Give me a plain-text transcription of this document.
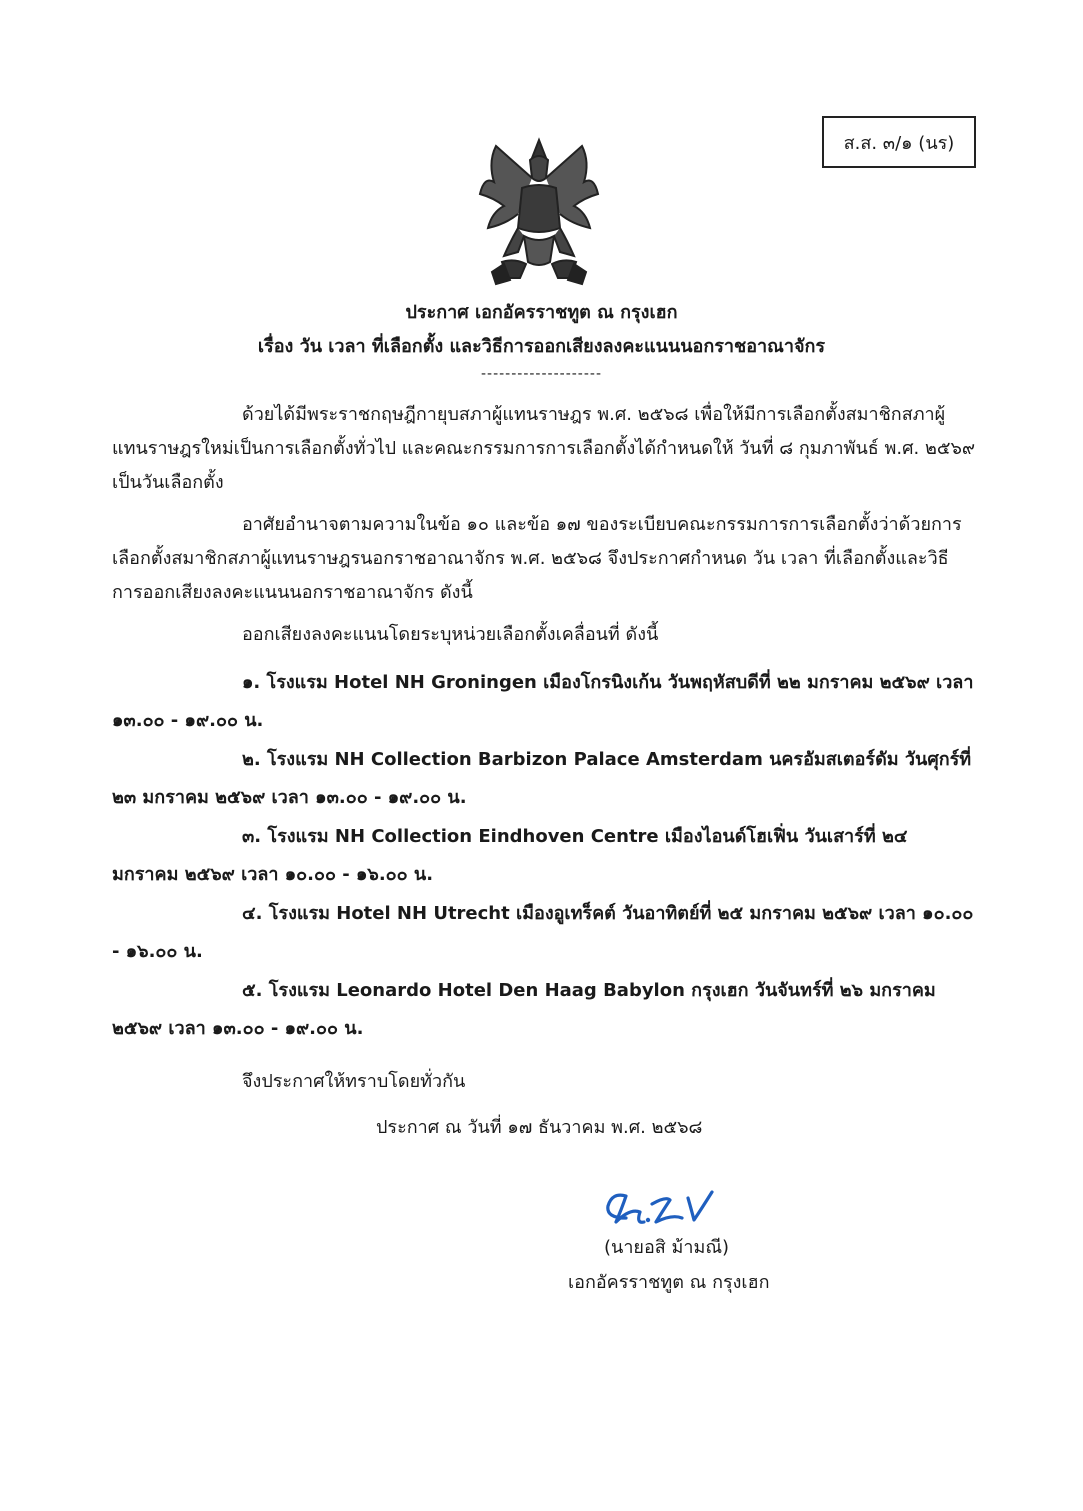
ส.ส. ๓/๑ (นร)
ประกาศ เอกอัครราชทูต ณ กรุงเฮก
เรื่อง วัน เวลา ที่เลือกตั้ง และวิธีการออกเสียงลงคะแนนนอกราชอาณาจักร
--------------------
ด้วยได้มีพระราชกฤษฎีกายุบสภาผู้แทนราษฎร พ.ศ. ๒๕๖๘ เพื่อให้มีการเลือกตั้งสมาชิกสภาผู้แทนราษฎรใหม่เป็นการเลือกตั้งทั่วไป และคณะกรรมการการเลือกตั้งได้กำหนดให้ วันที่ ๘ กุมภาพันธ์ พ.ศ. ๒๕๖๙ เป็นวันเลือกตั้ง
อาศัยอำนาจตามความในข้อ ๑๐ และข้อ ๑๗ ของระเบียบคณะกรรมการการเลือกตั้งว่าด้วยการเลือกตั้งสมาชิกสภาผู้แทนราษฎรนอกราชอาณาจักร พ.ศ. ๒๕๖๘ จึงประกาศกำหนด วัน เวลา ที่เลือกตั้งและวิธีการออกเสียงลงคะแนนนอกราชอาณาจักร ดังนี้
ออกเสียงลงคะแนนโดยระบุหน่วยเลือกตั้งเคลื่อนที่ ดังนี้
๑. โรงแรม Hotel NH Groningen เมืองโกรนิงเก้น วันพฤหัสบดีที่ ๒๒ มกราคม ๒๕๖๙ เวลา ๑๓.๐๐ - ๑๙.๐๐ น.
๒. โรงแรม NH Collection Barbizon Palace Amsterdam นครอัมสเตอร์ดัม วันศุกร์ที่ ๒๓ มกราคม ๒๕๖๙ เวลา ๑๓.๐๐ - ๑๙.๐๐ น.
๓. โรงแรม NH Collection Eindhoven Centre เมืองไอนด์โฮเฟิ่น วันเสาร์ที่ ๒๔ มกราคม ๒๕๖๙ เวลา ๑๐.๐๐ - ๑๖.๐๐ น.
๔. โรงแรม Hotel NH Utrecht เมืองอูเทร็คต์ วันอาทิตย์ที่ ๒๕ มกราคม ๒๕๖๙ เวลา ๑๐.๐๐ - ๑๖.๐๐ น.
๕. โรงแรม Leonardo Hotel Den Haag Babylon กรุงเฮก วันจันทร์ที่ ๒๖ มกราคม ๒๕๖๙ เวลา ๑๓.๐๐ - ๑๙.๐๐ น.
จึงประกาศให้ทราบโดยทั่วกัน
ประกาศ ณ วันที่ ๑๗ ธันวาคม พ.ศ. ๒๕๖๘
(นายอสิ ม้ามณี)
เอกอัครราชทูต ณ กรุงเฮก
